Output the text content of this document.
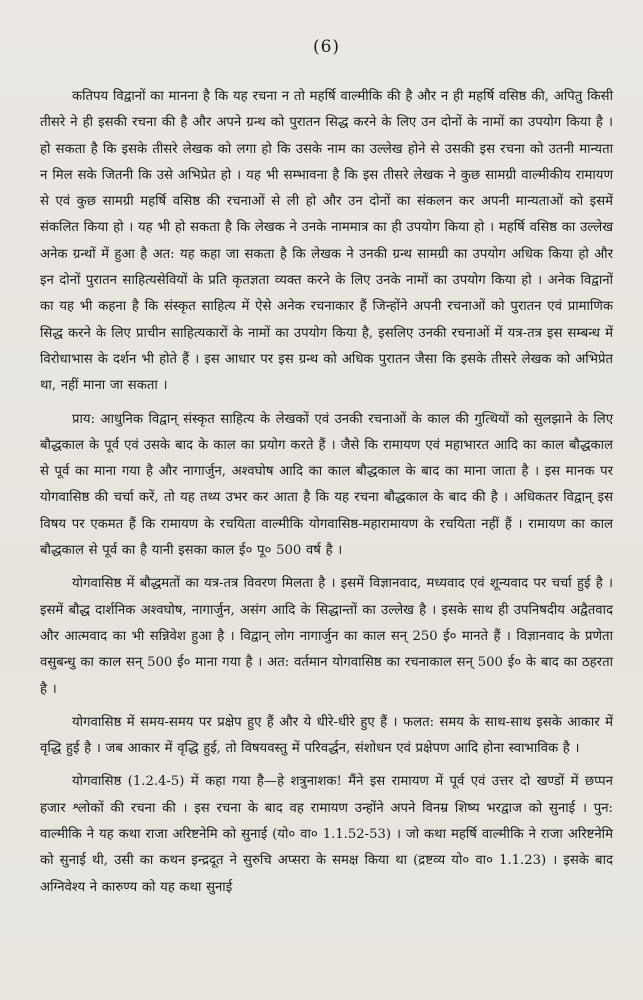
(6)

कतिपय विद्वानों का मानना है कि यह रचना न तो महर्षि वाल्मीकि की है और न ही महर्षि वसिष्ठ की, अपितु किसी तीसरे ने ही इसकी रचना की है और अपने ग्रन्थ को पुरातन सिद्ध करने के लिए उन दोनों के नामों का उपयोग किया है । हो सकता है कि इसके तीसरे लेखक को लगा हो कि उसके नाम का उल्लेख होने से उसकी इस रचना को उतनी मान्यता न मिल सके जितनी कि उसे अभिप्रेत हो । यह भी सम्भावना है कि इस तीसरे लेखक ने कुछ सामग्री वाल्मीकीय रामायण से एवं कुछ सामग्री महर्षि वसिष्ठ की रचनाओं से ली हो और उन दोनों का संकलन कर अपनी मान्यताओं को इसमें संकलित किया हो । यह भी हो सकता है कि लेखक ने उनके नाममात्र का ही उपयोग किया हो । महर्षि वसिष्ठ का उल्लेख अनेक ग्रन्थों में हुआ है अत: यह कहा जा सकता है कि लेखक ने उनकी ग्रन्थ सामग्री का उपयोग अधिक किया हो और इन दोनों पुरातन साहित्यसेवियों के प्रति कृतज्ञता व्यक्त करने के लिए उनके नामों का उपयोग किया हो । अनेक विद्वानों का यह भी कहना है कि संस्कृत साहित्य में ऐसे अनेक रचनाकार हैं जिन्होंने अपनी रचनाओं को पुरातन एवं प्रामाणिक सिद्ध करने के लिए प्राचीन साहित्यकारों के नामों का उपयोग किया है, इसलिए उनकी रचनाओं में यत्र-तत्र इस सम्बन्ध में विरोधाभास के दर्शन भी होते हैं । इस आधार पर इस ग्रन्थ को अधिक पुरातन जैसा कि इसके तीसरे लेखक को अभिप्रेत था, नहीं माना जा सकता ।

प्राय: आधुनिक विद्वान् संस्कृत साहित्य के लेखकों एवं उनकी रचनाओं के काल की गुत्थियों को सुलझाने के लिए बौद्धकाल के पूर्व एवं उसके बाद के काल का प्रयोग करते हैं । जैसे कि रामायण एवं महाभारत आदि का काल बौद्धकाल से पूर्व का माना गया है और नागार्जुन, अश्वघोष आदि का काल बौद्धकाल के बाद का माना जाता है । इस मानक पर योगवासिष्ठ की चर्चा करें, तो यह तथ्य उभर कर आता है कि यह रचना बौद्धकाल के बाद की है । अधिकतर विद्वान् इस विषय पर एकमत हैं कि रामायण के रचयिता वाल्मीकि योगवासिष्ठ-महारामायण के रचयिता नहीं हैं । रामायण का काल बौद्धकाल से पूर्व का है यानी इसका काल ई० पू० 500 वर्ष है ।

योगवासिष्ठ में बौद्धमतों का यत्र-तत्र विवरण मिलता है । इसमें विज्ञानवाद, मध्यवाद एवं शून्यवाद पर चर्चा हुई है । इसमें बौद्ध दार्शनिक अश्वघोष, नागार्जुन, असंग आदि के सिद्धान्तों का उल्लेख है । इसके साथ ही उपनिषदीय अद्वैतवाद और आत्मवाद का भी सन्निवेश हुआ है । विद्वान् लोग नागार्जुन का काल सन् 250 ई० मानते हैं । विज्ञानवाद के प्रणेता वसुबन्धु का काल सन् 500 ई० माना गया है । अत: वर्तमान योगवासिष्ठ का रचनाकाल सन् 500 ई० के बाद का ठहरता है ।

योगवासिष्ठ में समय-समय पर प्रक्षेप हुए हैं और ये धीरे-धीरे हुए हैं । फलत: समय के साथ-साथ इसके आकार में वृद्धि हुई है । जब आकार में वृद्धि हुई, तो विषयवस्तु में परिवर्द्धन, संशोधन एवं प्रक्षेपण आदि होना स्वाभाविक है ।

योगवासिष्ठ (1.2.4-5) में कहा गया है—हे शत्रुनाशक! मैंने इस रामायण में पूर्व एवं उत्तर दो खण्डों में छप्पन हजार श्लोकों की रचना की । इस रचना के बाद वह रामायण उन्होंने अपने विनम्र शिष्य भरद्वाज को सुनाई । पुन: वाल्मीकि ने यह कथा राजा अरिष्टनेमि को सुनाई (यो० वा० 1.1.52-53) । जो कथा महर्षि वाल्मीकि ने राजा अरिष्टनेमि को सुनाई थी, उसी का कथन इन्द्रदूत ने सुरुचि अप्सरा के समक्ष किया था (द्रष्टव्य यो० वा० 1.1.23) । इसके बाद अग्निवेश्य ने कारुण्य को यह कथा सुनाई
